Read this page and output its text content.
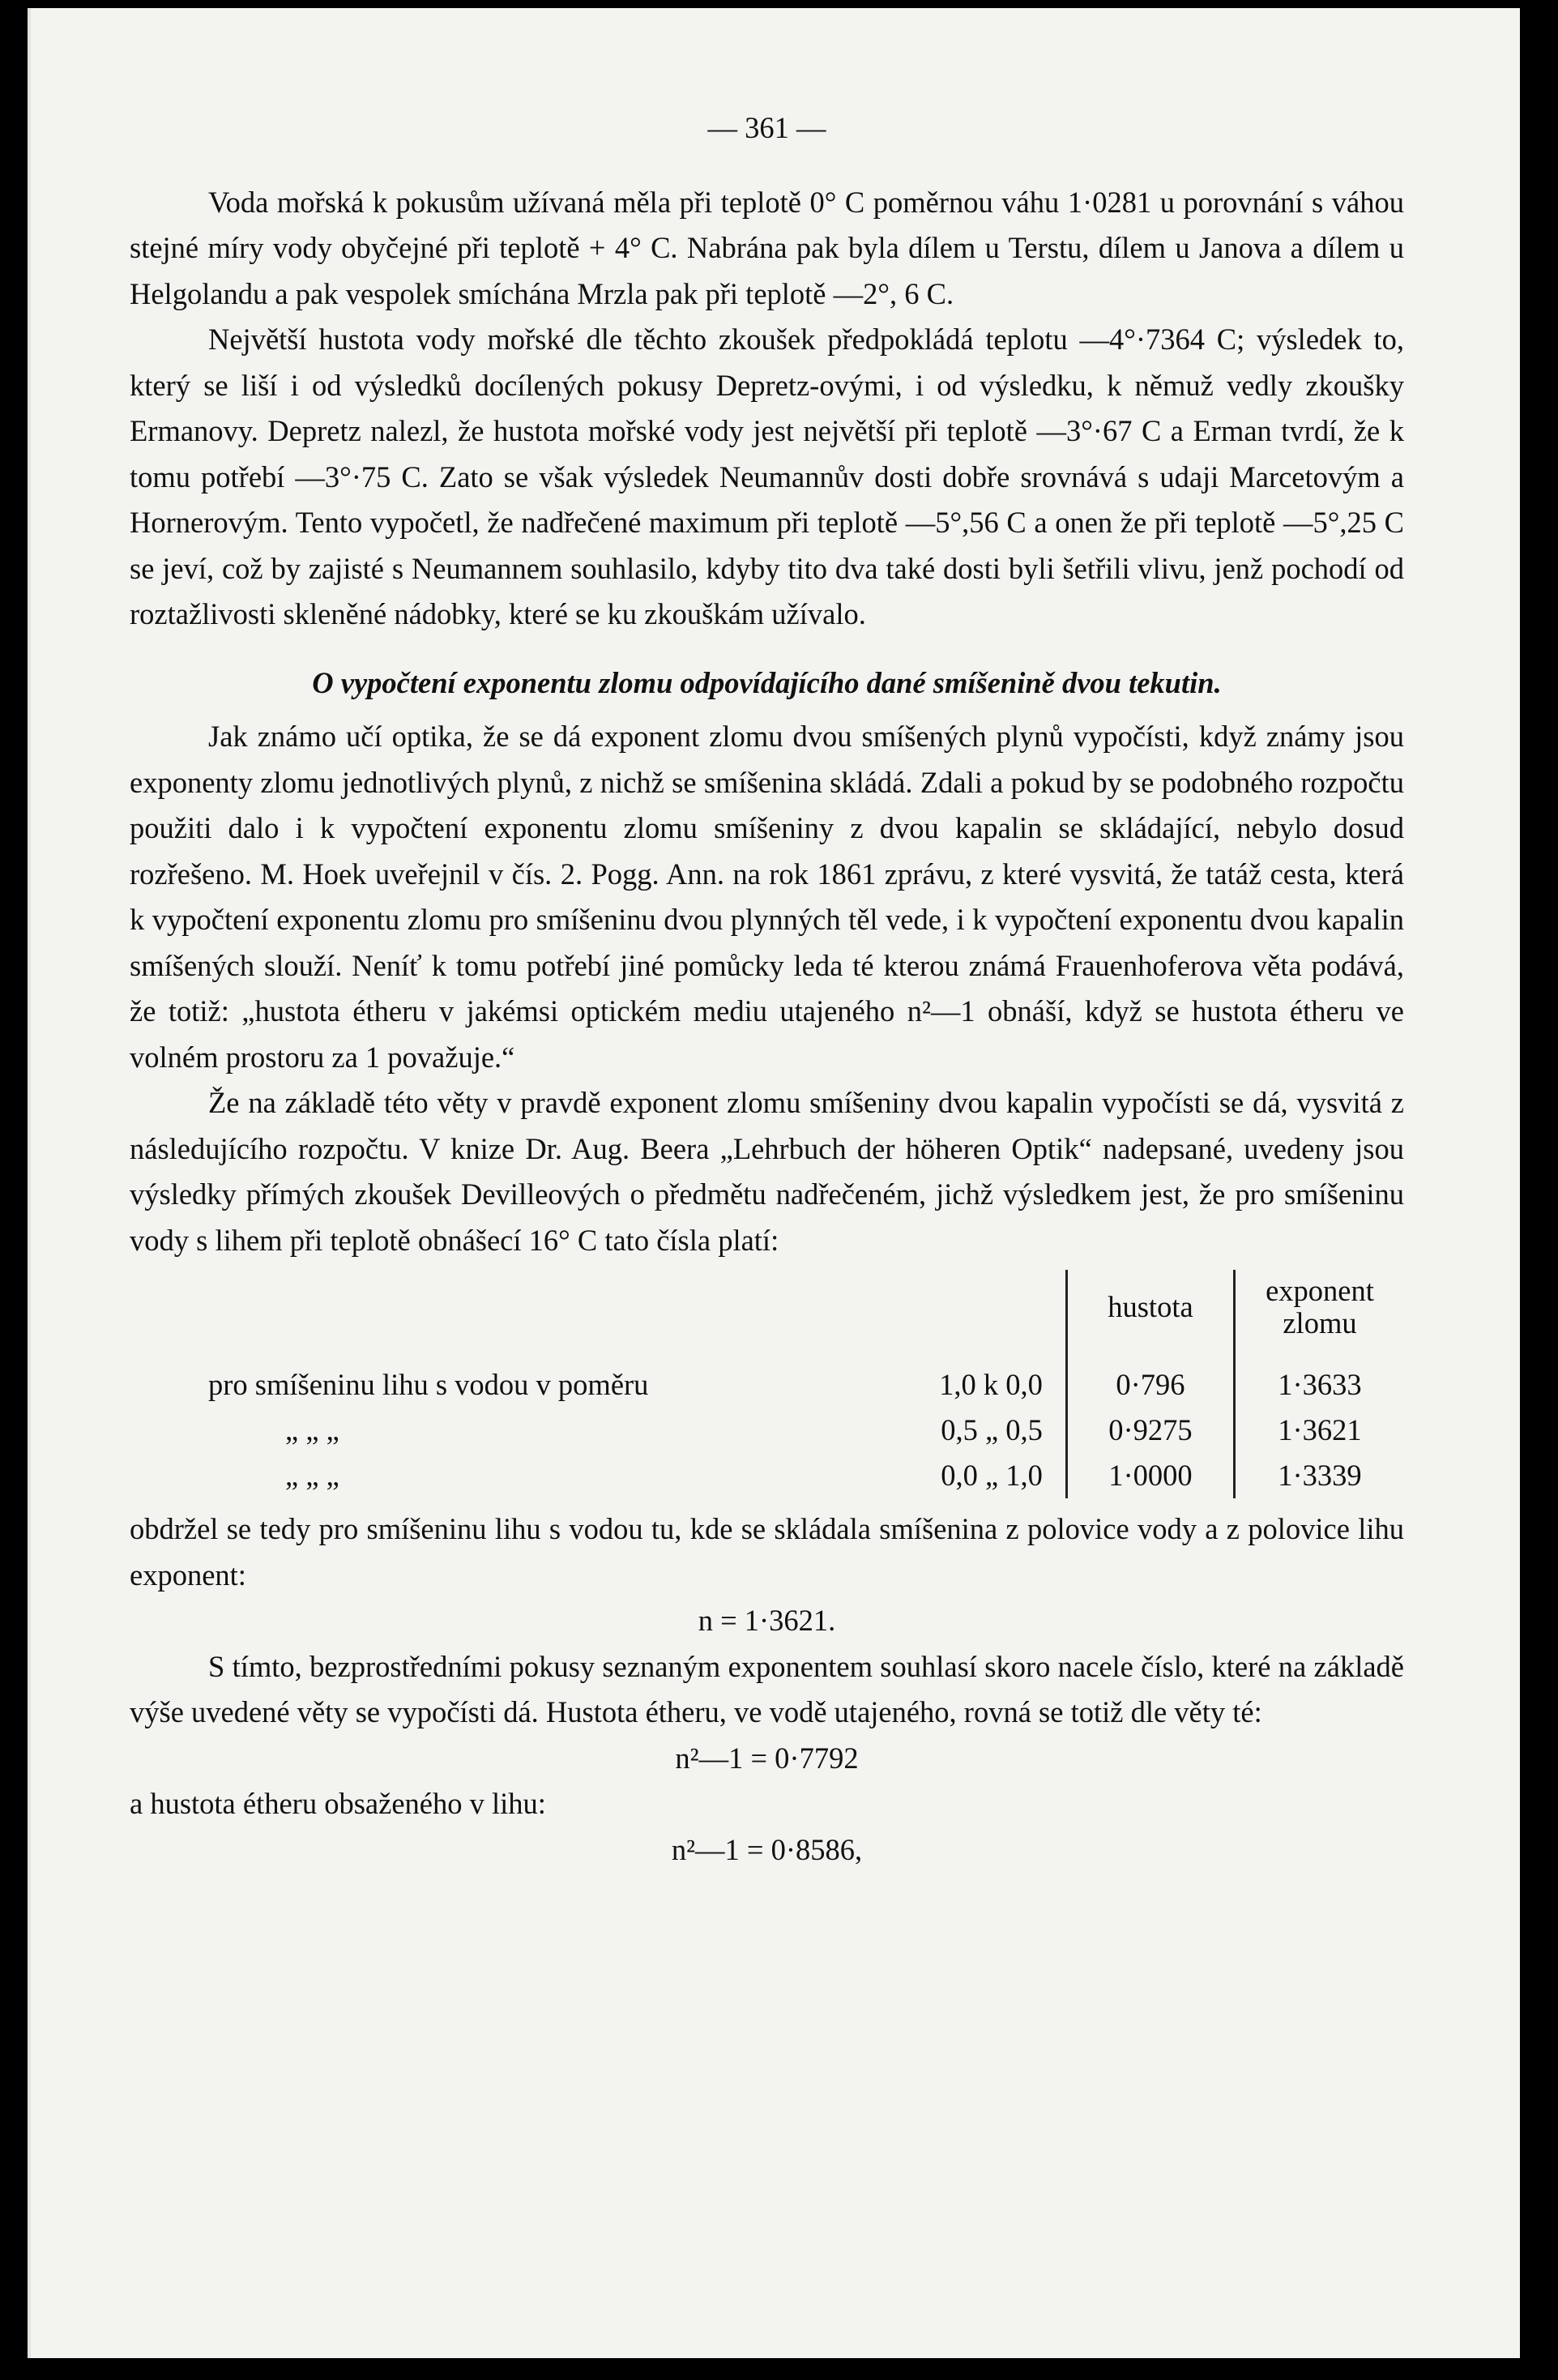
— 361 —

Voda mořská k pokusům užívaná měla při teplotě 0° C poměrnou váhu 1·0281 u porovnání s váhou stejné míry vody obyčejné při teplotě + 4° C. Nabrána pak byla dílem u Terstu, dílem u Janova a dílem u Helgolandu a pak vespolek smíchána Mrzla pak při teplotě —2°, 6 C.

Největší hustota vody mořské dle těchto zkoušek předpokládá teplotu —4°·7364 C; výsledek to, který se liší i od výsledků docílených pokusy Depretz-ovými, i od výsledku, k němuž vedly zkoušky Ermanovy. Depretz nalezl, že hustota mořské vody jest největší při teplotě —3°·67 C a Erman tvrdí, že k tomu potřebí —3°·75 C. Zato se však výsledek Neumannův dosti dobře srovnává s udaji Marcetovým a Hornerovým. Tento vypočetl, že nadřečené maximum při teplotě —5°,56 C a onen že při teplotě —5°,25 C se jeví, což by zajisté s Neumannem souhlasilo, kdyby tito dva také dosti byli šetřili vlivu, jenž pochodí od roztažlivosti skleněné nádobky, které se ku zkouškám užívalo.

O vypočtení exponentu zlomu odpovídajícího dané smíšenině dvou tekutin.

Jak známo učí optika, že se dá exponent zlomu dvou smíšených plynů vypočísti, když známy jsou exponenty zlomu jednotlivých plynů, z nichž se smíšenina skládá. Zdali a pokud by se podobného rozpočtu použiti dalo i k vypočtení exponentu zlomu smíšeniny z dvou kapalin se skládající, nebylo dosud rozřešeno. M. Hoek uveřejnil v čís. 2. Pogg. Ann. na rok 1861 zprávu, z které vysvitá, že tatáž cesta, která k vypočtení exponentu zlomu pro smíšeninu dvou plynných těl vede, i k vypočtení exponentu dvou kapalin smíšených slouží. Neníť k tomu potřebí jiné pomůcky leda té kterou známá Frauenhoferova věta podává, že totiž: „hustota étheru v jakémsi optickém mediu utajeného n²—1 obnáší, když se hustota étheru ve volném prostoru za 1 považuje.“

Že na základě této věty v pravdě exponent zlomu smíšeniny dvou kapalin vypočísti se dá, vysvitá z následujícího rozpočtu. V knize Dr. Aug. Beera „Lehrbuch der höheren Optik“ nadepsané, uvedeny jsou výsledky přímých zkoušek Devilleových o předmětu nadřečeném, jichž výsledkem jest, že pro smíšeninu vody s lihem při teplotě obnášecí 16° C tato čísla platí:

		hustota	exponent zlomu
pro smíšeninu lihu s vodou v poměru	1,0 k 0,0	0·796	1·3633
„ „ „	0,5 „ 0,5	0·9275	1·3621
„ „ „	0,0 „ 1,0	1·0000	1·3339

obdržel se tedy pro smíšeninu lihu s vodou tu, kde se skládala smíšenina z polovice vody a z polovice lihu exponent:

n = 1·3621.

S tímto, bezprostředními pokusy seznaným exponentem souhlasí skoro nacele číslo, které na základě výše uvedené věty se vypočísti dá. Hustota étheru, ve vodě utajeného, rovná se totiž dle věty té:

n²—1 = 0·7792

a hustota étheru obsaženého v lihu:

n²—1 = 0·8586,
